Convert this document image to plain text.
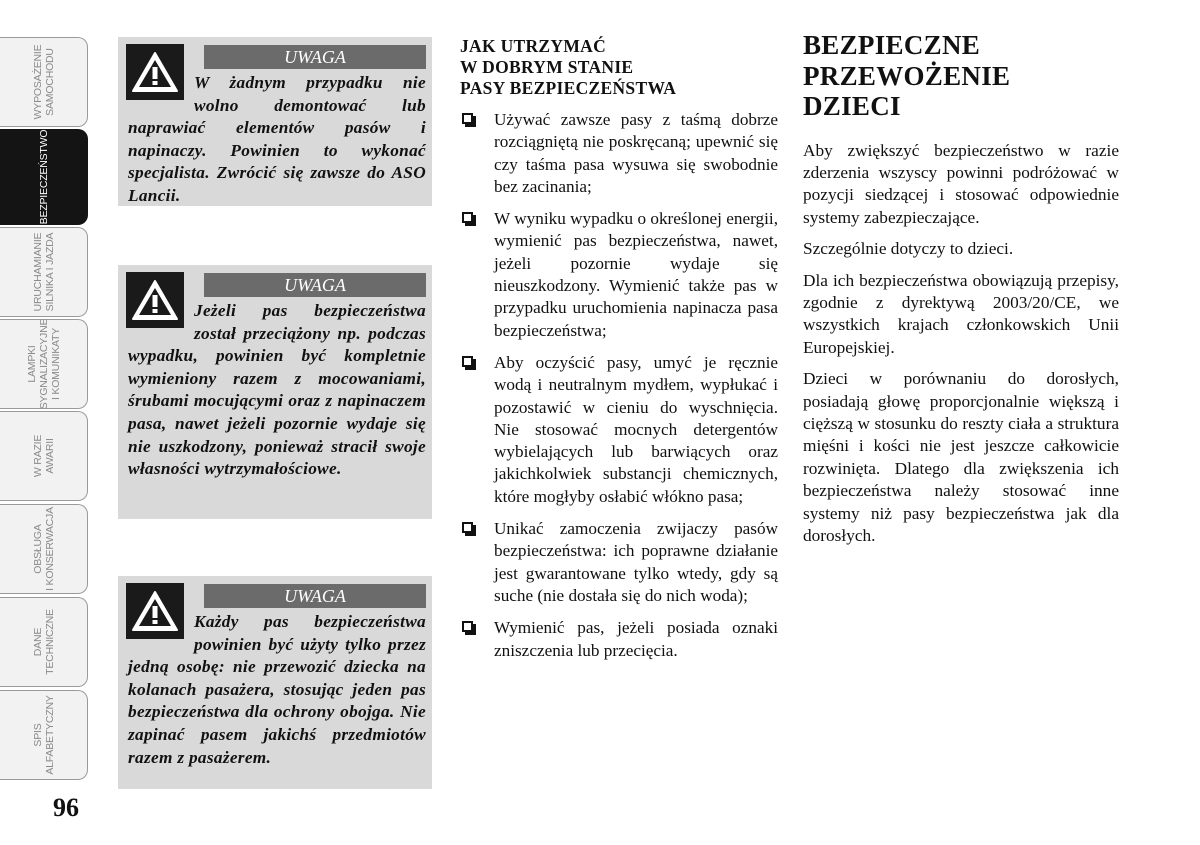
WYPOSAŻENIE
SAMOCHODU
BEZPIECZEŃSTWO
URUCHAMIANIE
SILNIKA I JAZDA
LAMPKI
SYGNALIZACYJNE
I KOMUNIKATY
W RAZIE
AWARII
OBSŁUGA
I KONSERWACJA
DANE
TECHNICZNE
SPIS
ALFABETYCZNY
96
UWAGA

W żadnym przypadku nie wolno demontować lub naprawiać elementów pasów i napinaczy. Powinien to wykonać specjalista. Zwrócić się zawsze do ASO Lancii.

UWAGA

Jeżeli pas bezpieczeństwa został przeciążony np. podczas wypadku, powinien być kompletnie wymieniony razem z mocowaniami, śrubami mocującymi oraz z napinaczem pasa, nawet jeżeli pozornie wydaje się nie uszkodzony, ponieważ stracił swoje własności wytrzymałościowe.

UWAGA

Każdy pas bezpieczeństwa powinien być użyty tylko przez jedną osobę: nie przewozić dziecka na kolanach pasażera, stosując jeden pas bezpieczeństwa dla ochrony obojga. Nie zapinać pasem jakichś przedmiotów razem z pasażerem.

JAK UTRZYMAĆ
W DOBRYM STANIE
PASY BEZPIECZEŃSTWA
Używać zawsze pasy z taśmą dobrze rozciągniętą nie poskręcaną; upewnić się czy taśma pasa wysuwa się swobodnie bez zacinania;
W wyniku wypadku o określonej energii, wymienić pas bezpieczeństwa, nawet, jeżeli pozornie wydaje się nieuszkodzony. Wymienić także pas w przypadku uruchomienia napinacza pasa bezpieczeństwa;
Aby oczyścić pasy, umyć je ręcznie wodą i neutralnym mydłem, wypłukać i pozostawić w cieniu do wyschnięcia. Nie stosować mocnych detergentów wybielających lub barwiących oraz jakichkolwiek substancji chemicznych, które mogłyby osłabić włókno pasa;
Unikać zamoczenia zwijaczy pasów bezpieczeństwa: ich poprawne działanie jest gwarantowane tylko wtedy, gdy są suche (nie dostała się do nich woda);
Wymienić pas, jeżeli posiada oznaki zniszczenia lub przecięcia.
BEZPIECZNE
PRZEWOŻENIE
DZIECI

Aby zwiększyć bezpieczeństwo w razie zderzenia wszyscy powinni podróżować w pozycji siedzącej i stosować odpowiednie systemy zabezpieczające.

Szczególnie dotyczy to dzieci.

Dla ich bezpieczeństwa obowiązują przepisy, zgodnie z dyrektywą 2003/20/CE, we wszystkich krajach członkowskich Unii Europejskiej.

Dzieci w porównaniu do dorosłych, posiadają głowę proporcjonalnie większą i cięższą w stosunku do reszty ciała a struktura mięśni i kości nie jest jeszcze całkowicie rozwinięta. Dlatego dla zwiększenia ich bezpieczeństwa należy stosować inne systemy niż pasy bezpieczeństwa jak dla dorosłych.
